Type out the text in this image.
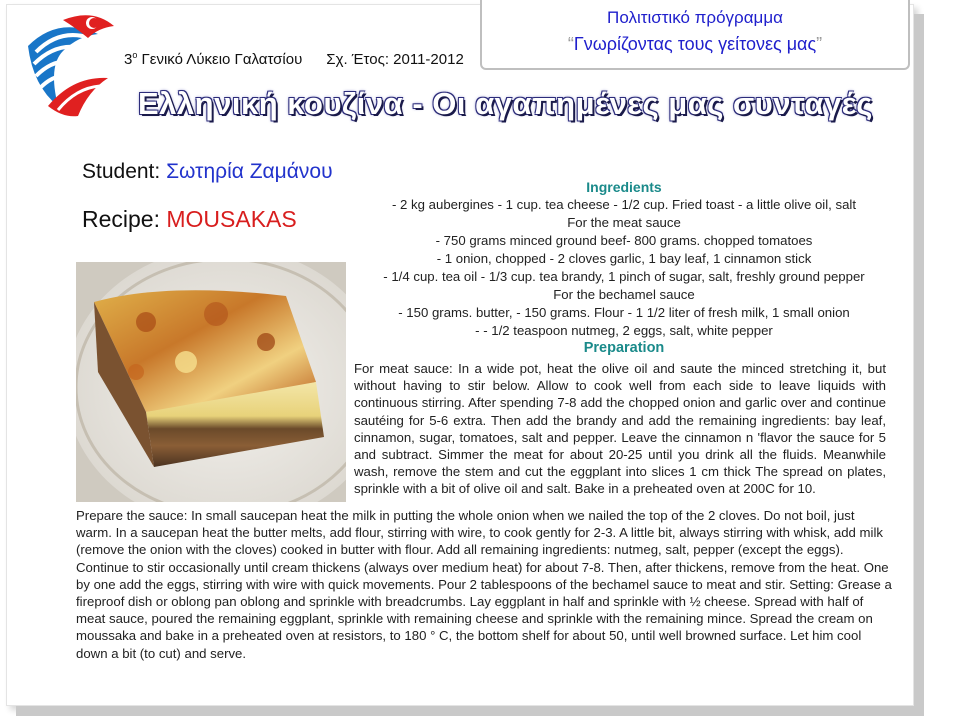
$3^o$ Γενικό Λύκειο Γαλατσίου Σχ. Έτος: 2011-2012
Πολιτιστικό πρόγραμμα
“Γνωρίζοντας τους γείτονες μας”
Ελληνική κουζίνα - Οι αγαπημένες μας συνταγές
Student: Σωτηρία Ζαμάνου
Recipe: MOUSAKAS
Ingredients
- 2 kg aubergines - 1 cup. tea cheese - 1/2 cup. Fried toast - a little olive oil, salt
For the meat sauce
- 750 grams minced ground beef- 800 grams. chopped tomatoes
- 1 onion, chopped - 2 cloves garlic, 1 bay leaf, 1 cinnamon stick
- 1/4 cup. tea oil - 1/3 cup. tea brandy, 1 pinch of sugar, salt, freshly ground pepper
For the bechamel sauce
- 150 grams. butter, - 150 grams. Flour - 1 1/2 liter of fresh milk, 1 small onion
- - 1/2 teaspoon nutmeg, 2 eggs, salt, white pepper
Preparation
For meat sauce: In a wide pot, heat the olive oil and saute the minced stretching it, but without having to stir below. Allow to cook well from each side to leave liquids with continuous stirring. After spending 7-8 add the chopped onion and garlic over and continue sautéing for 5-6 extra. Then add the brandy and add the remaining ingredients: bay leaf, cinnamon, sugar, tomatoes, salt and pepper. Leave the cinnamon n 'flavor the sauce for 5 and subtract. Simmer the meat for about 20-25 until you drink all the fluids. Meanwhile wash, remove the stem and cut the eggplant into slices 1 cm thick The spread on plates, sprinkle with a bit of olive oil and salt. Bake in a preheated oven at 200C for 10.
Prepare the sauce: In small saucepan heat the milk in putting the whole onion when we nailed the top of the 2 cloves. Do not boil, just warm. In a saucepan heat the butter melts, add flour, stirring with wire, to cook gently for 2-3. A little bit, always stirring with whisk, add milk (remove the onion with the cloves) cooked in butter with flour. Add all remaining ingredients: nutmeg, salt, pepper (except the eggs). Continue to stir occasionally until cream thickens (always over medium heat) for about 7-8. Then, after thickens, remove from the heat. One by one add the eggs, stirring with wire with quick movements. Pour 2 tablespoons of the bechamel sauce to meat and stir. Setting: Grease a fireproof dish or oblong pan oblong and sprinkle with breadcrumbs. Lay eggplant in half and sprinkle with ½ cheese. Spread with half of meat sauce, poured the remaining eggplant, sprinkle with remaining cheese and sprinkle with the remaining mince. Spread the cream on moussaka and bake in a preheated oven at resistors, to 180 ° C, the bottom shelf for about 50, until well browned surface. Let him cool down a bit (to cut) and serve.
